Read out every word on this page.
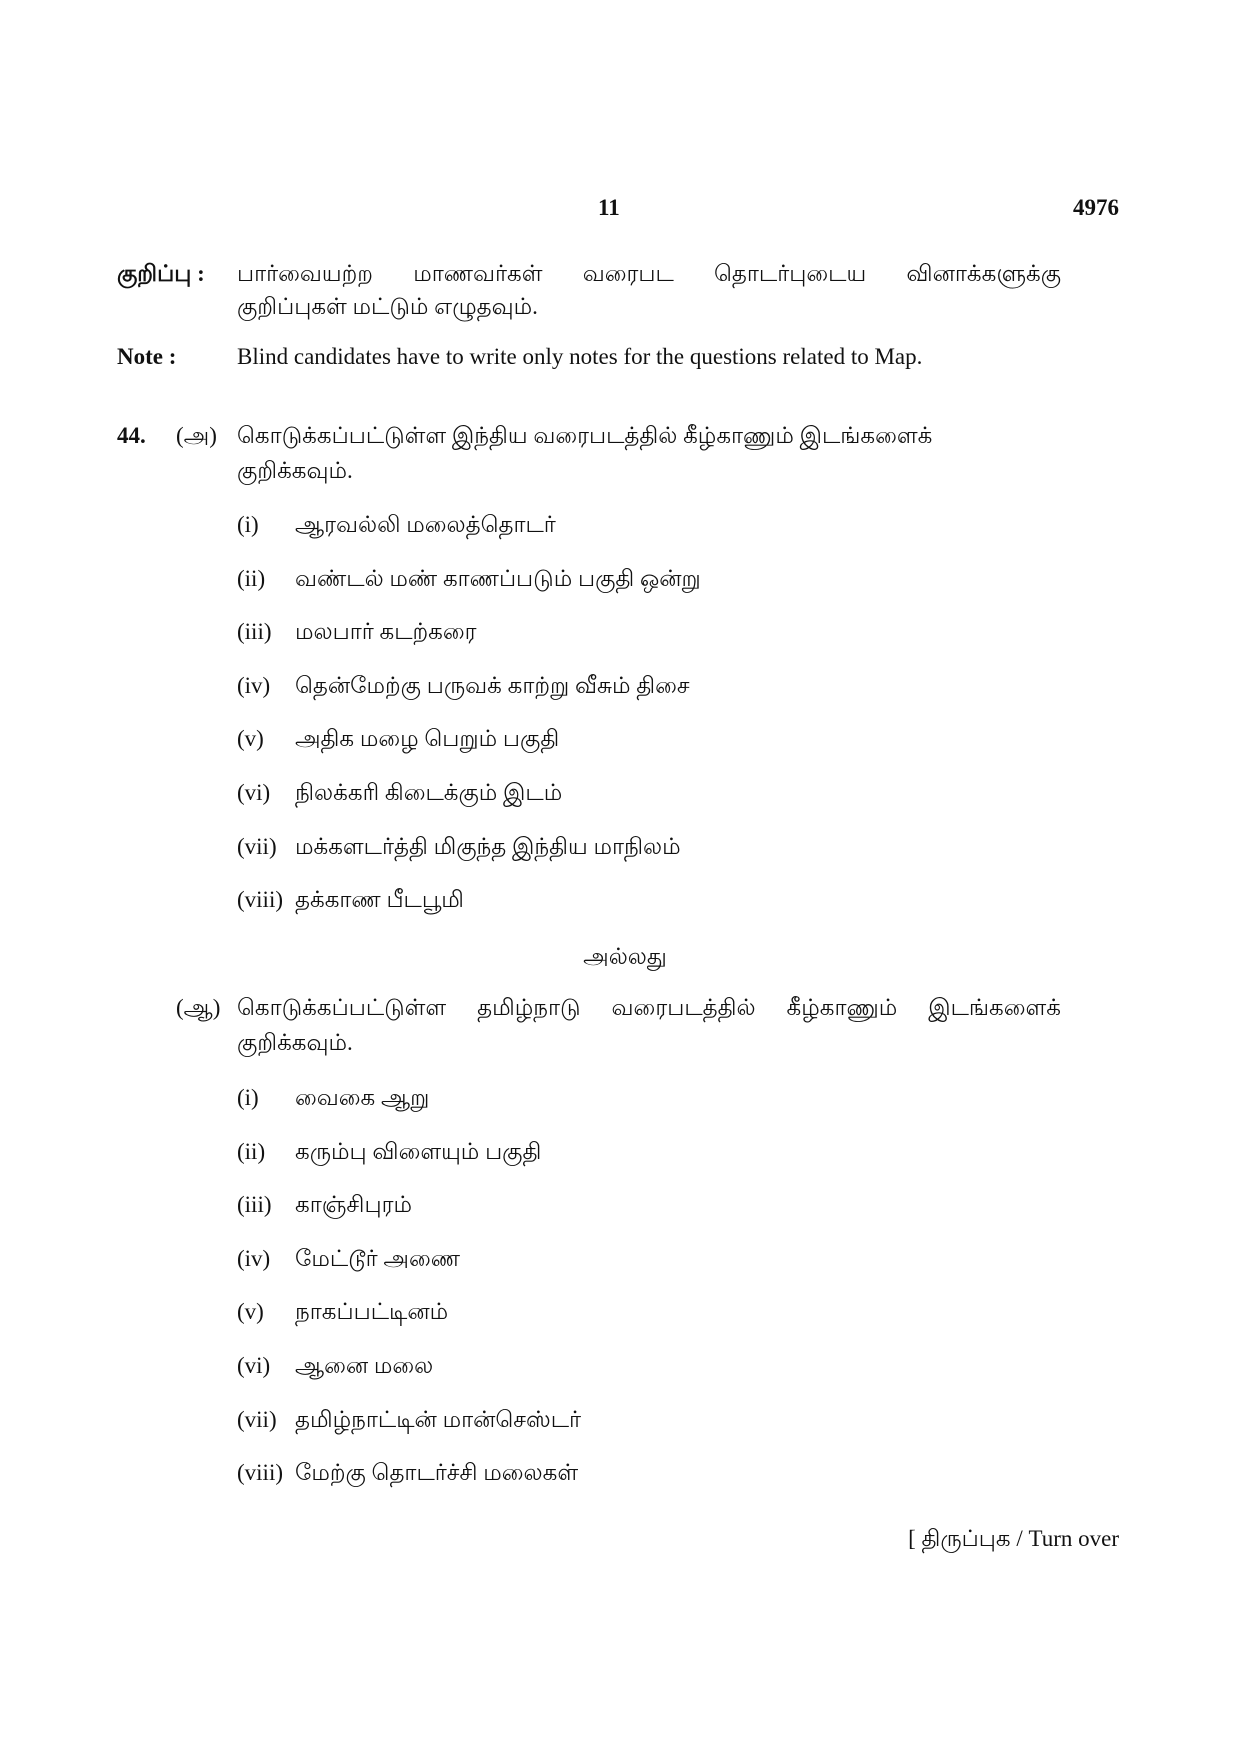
11	4976
குறிப்பு : பார்வையற்ற மாணவர்கள் வரைபட தொடர்புடைய வினாக்களுக்கு
குறிப்புகள் மட்டும் எழுதவும்.
Note :	Blind candidates have to write only notes for the questions related to Map.
44. (அ) கொடுக்கப்பட்டுள்ள இந்திய வரைபடத்தில் கீழ்காணும் இடங்களைக்
குறிக்கவும்.
(i) ஆரவல்லி மலைத்தொடர்
(ii) வண்டல் மண் காணப்படும் பகுதி ஒன்று
(iii) மலபார் கடற்கரை
(iv) தென்மேற்கு பருவக் காற்று வீசும் திசை
(v) அதிக மழை பெறும் பகுதி
(vi) நிலக்கரி கிடைக்கும் இடம்
(vii) மக்களடர்த்தி மிகுந்த இந்திய மாநிலம்
(viii) தக்காண பீடபூமி
அல்லது
(ஆ) கொடுக்கப்பட்டுள்ள தமிழ்நாடு வரைபடத்தில் கீழ்காணும் இடங்களைக்
குறிக்கவும்.
(i) வைகை ஆறு
(ii) கரும்பு விளையும் பகுதி
(iii) காஞ்சிபுரம்
(iv) மேட்டூர் அணை
(v) நாகப்பட்டினம்
(vi) ஆனை மலை
(vii) தமிழ்நாட்டின் மான்செஸ்டர்
(viii) மேற்கு தொடர்ச்சி மலைகள்
[ திருப்புக / Turn over
